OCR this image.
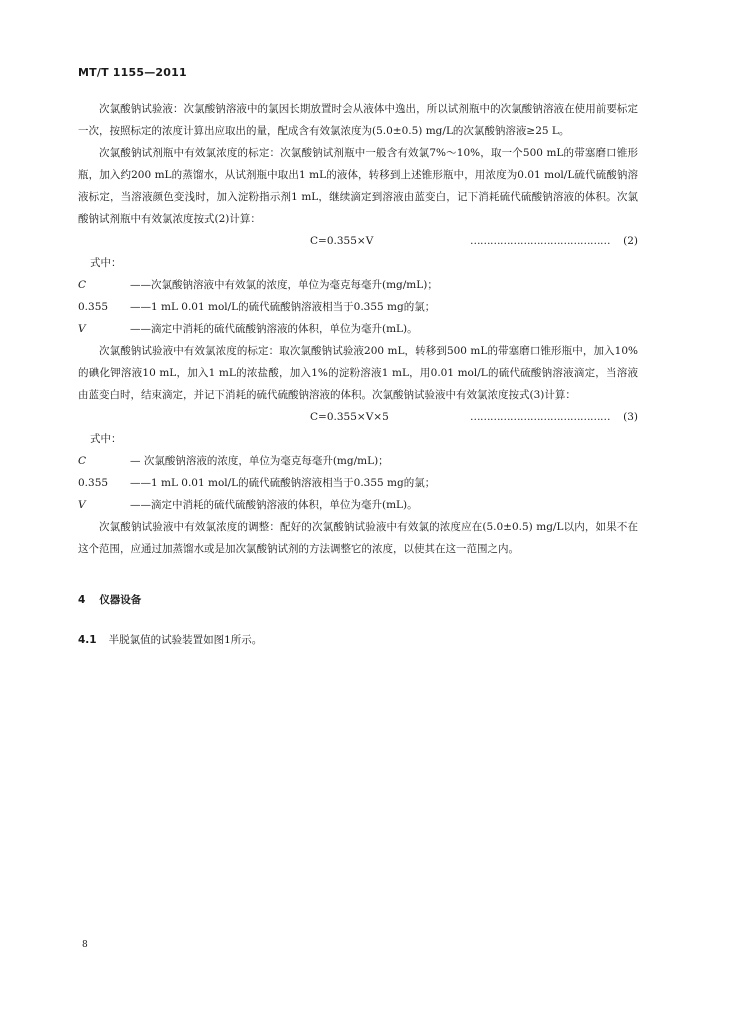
MT/T 1155—2011

次氯酸钠试验液：次氯酸钠溶液中的氯因长期放置时会从液体中逸出，所以试剂瓶中的次氯酸钠溶液在使用前要标定一次，按照标定的浓度计算出应取出的量，配成含有效氯浓度为(5.0±0.5) mg/L的次氯酸钠溶液≥25 L。

次氯酸钠试剂瓶中有效氯浓度的标定：次氯酸钠试剂瓶中一般含有效氯7%～10%，取一个500 mL的带塞磨口锥形瓶，加入约200 mL的蒸馏水，从试剂瓶中取出1 mL的液体，转移到上述锥形瓶中，用浓度为0.01 mol/L硫代硫酸钠溶液标定，当溶液颜色变浅时，加入淀粉指示剂1 mL，继续滴定到溶液由蓝变白，记下消耗硫代硫酸钠溶液的体积。次氯酸钠试剂瓶中有效氯浓度按式(2)计算：

C=0.355×V	……………………………………	(2)

式中：

C	——次氯酸钠溶液中有效氯的浓度，单位为毫克每毫升(mg/mL)；
0.355	——1 mL 0.01 mol/L的硫代硫酸钠溶液相当于0.355 mg的氯；
V	——滴定中消耗的硫代硫酸钠溶液的体积，单位为毫升(mL)。

次氯酸钠试验液中有效氯浓度的标定：取次氯酸钠试验液200 mL，转移到500 mL的带塞磨口锥形瓶中，加入10%的碘化钾溶液10 mL，加入1 mL的浓盐酸，加入1%的淀粉溶液1 mL，用0.01 mol/L的硫代硫酸钠溶液滴定，当溶液由蓝变白时，结束滴定，并记下消耗的硫代硫酸钠溶液的体积。次氯酸钠试验液中有效氯浓度按式(3)计算：

C=0.355×V×5	……………………………………	(3)

式中：

C	— 次氯酸钠溶液的浓度，单位为毫克每毫升(mg/mL)；
0.355	——1 mL 0.01 mol/L的硫代硫酸钠溶液相当于0.355 mg的氯；
V	——滴定中消耗的硫代硫酸钠溶液的体积，单位为毫升(mL)。

次氯酸钠试验液中有效氯浓度的调整：配好的次氯酸钠试验液中有效氯的浓度应在(5.0±0.5) mg/L以内，如果不在这个范围，应通过加蒸馏水或是加次氯酸钠试剂的方法调整它的浓度，以使其在这一范围之内。

4 仪器设备
4.1 半脱氯值的试验装置如图1所示。
8
